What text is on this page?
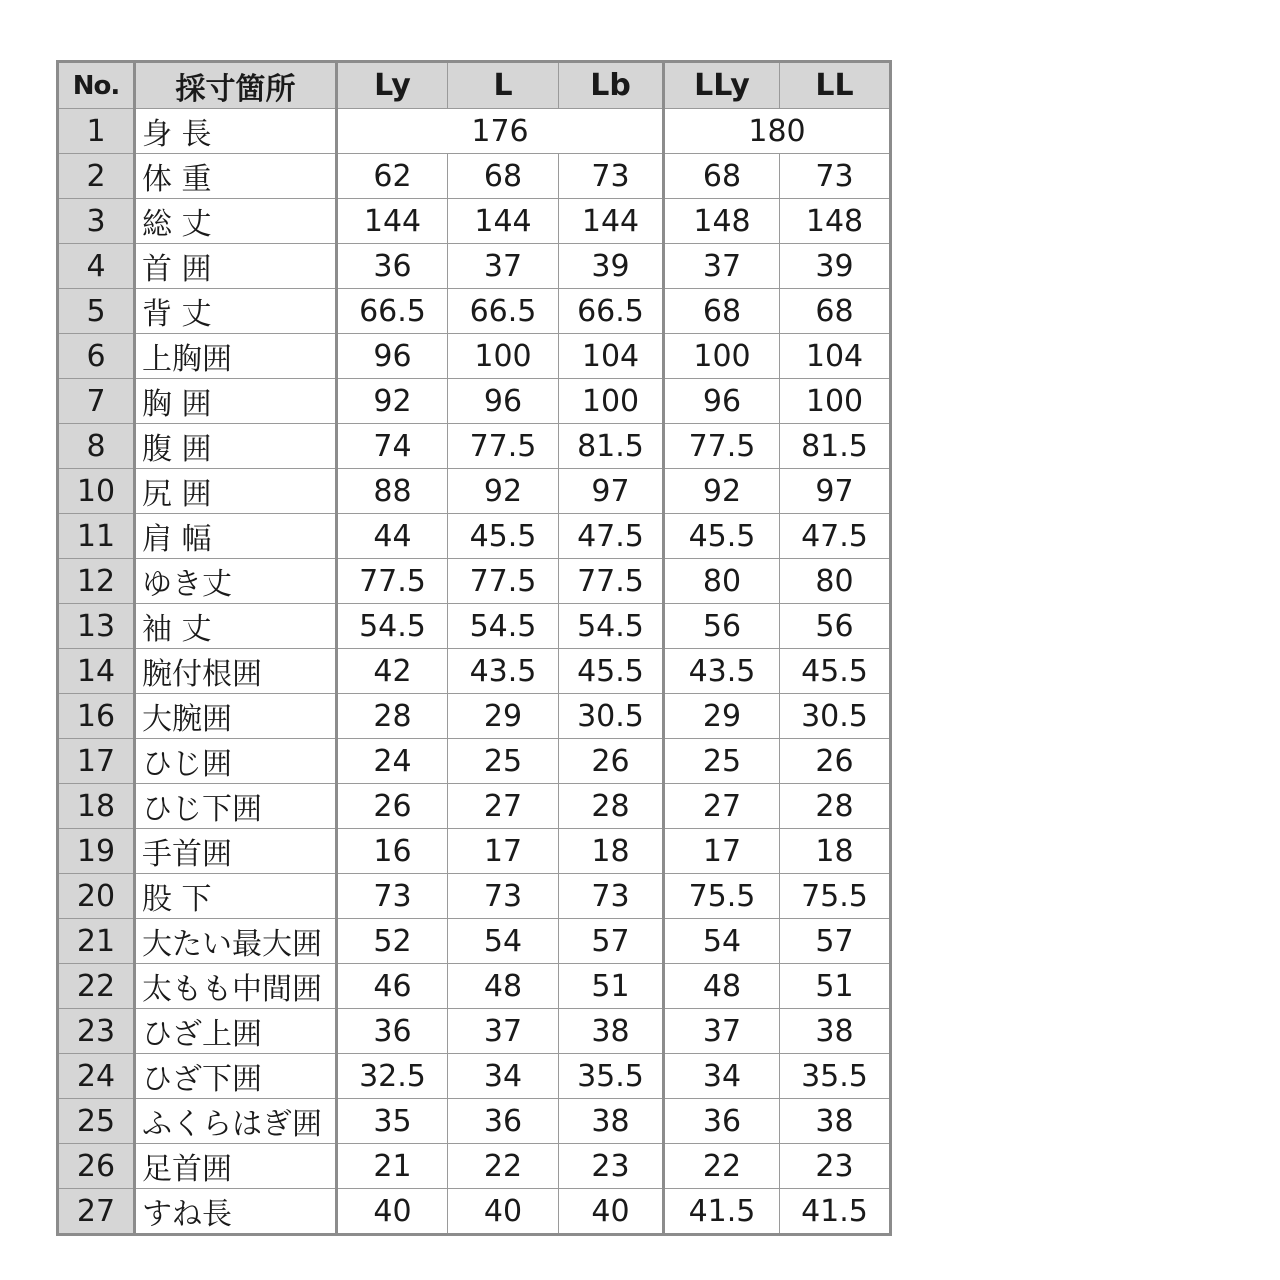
No.	採寸箇所	Ly	L	Lb	LLy	LL
1	身 長	176			180	
2	体 重	62	68	73	68	73
3	総 丈	144	144	144	148	148
4	首 囲	36	37	39	37	39
5	背 丈	66.5	66.5	66.5	68	68
6	上胸囲	96	100	104	100	104
7	胸 囲	92	96	100	96	100
8	腹 囲	74	77.5	81.5	77.5	81.5
10	尻 囲	88	92	97	92	97
11	肩 幅	44	45.5	47.5	45.5	47.5
12	ゆき丈	77.5	77.5	77.5	80	80
13	袖 丈	54.5	54.5	54.5	56	56
14	腕付根囲	42	43.5	45.5	43.5	45.5
16	大腕囲	28	29	30.5	29	30.5
17	ひじ囲	24	25	26	25	26
18	ひじ下囲	26	27	28	27	28
19	手首囲	16	17	18	17	18
20	股 下	73	73	73	75.5	75.5
21	大たい最大囲	52	54	57	54	57
22	太もも中間囲	46	48	51	48	51
23	ひざ上囲	36	37	38	37	38
24	ひざ下囲	32.5	34	35.5	34	35.5
25	ふくらはぎ囲	35	36	38	36	38
26	足首囲	21	22	23	22	23
27	すね長	40	40	40	41.5	41.5
